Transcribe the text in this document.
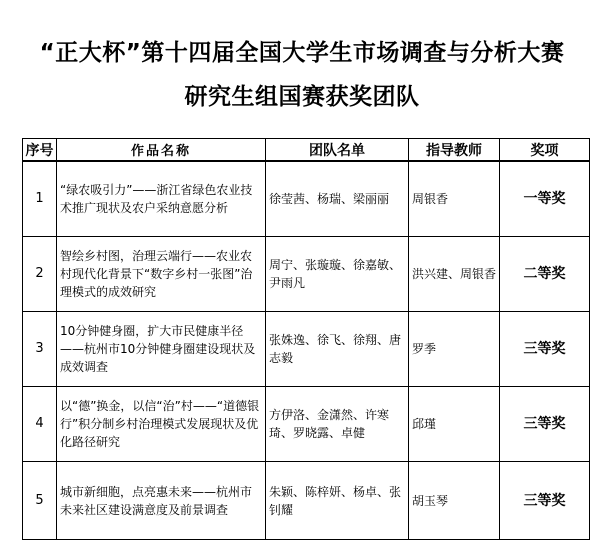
“正大杯”第十四届全国大学生市场调查与分析大赛
研究生组国赛获奖团队
序号	作品名称	团队名单	指导教师	奖项
1	“绿农吸引力”——浙江省绿色农业技术推广现状及农户采纳意愿分析	徐莹茜、杨瑞、梁丽丽	周银香	一等奖
2	智绘乡村图，治理云端行——农业农村现代化背景下“数字乡村一张图”治理模式的成效研究	周宁、张璇璇、徐嘉敏、尹雨凡	洪兴建、周银香	二等奖
3	10分钟健身圈，扩大市民健康半径——杭州市10分钟健身圈建设现状及成效调查	张姝逸、徐飞、徐翔、唐志毅	罗季	三等奖
4	以“德”换金，以信“治”村——“道德银行”积分制乡村治理模式发展现状及优化路径研究	方伊洛、金潇然、许寒琦、罗晓露、卓健	邱瑾	三等奖
5	城市新细胞，点亮惠未来——杭州市未来社区建设满意度及前景调查	朱颖、陈梓妍、杨卓、张钊耀	胡玉琴	三等奖
